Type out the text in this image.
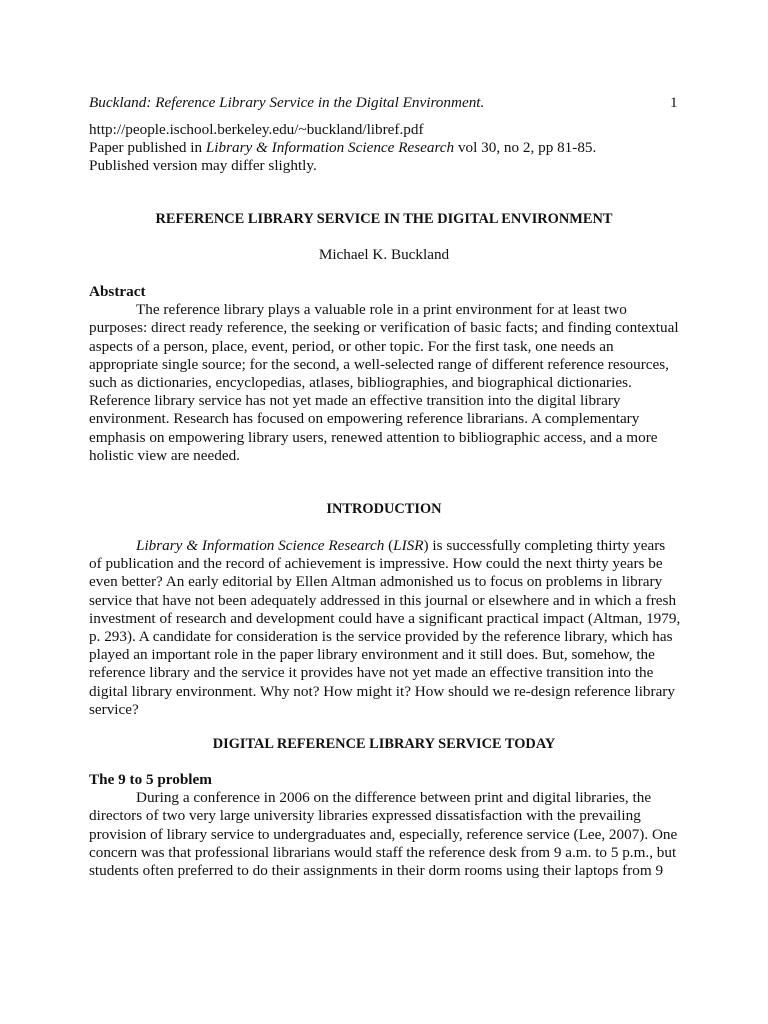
Buckland: Reference Library Service in the Digital Environment.	1

http://people.ischool.berkeley.edu/~buckland/libref.pdf
Paper published in Library & Information Science Research vol 30, no 2, pp 81-85.
Published version may differ slightly.

REFERENCE LIBRARY SERVICE IN THE DIGITAL ENVIRONMENT

Michael K. Buckland

Abstract

The reference library plays a valuable role in a print environment for at least two
purposes: direct ready reference, the seeking or verification of basic facts; and finding contextual
aspects of a person, place, event, period, or other topic. For the first task, one needs an
appropriate single source; for the second, a well-selected range of different reference resources,
such as dictionaries, encyclopedias, atlases, bibliographies, and biographical dictionaries.
Reference library service has not yet made an effective transition into the digital library
environment. Research has focused on empowering reference librarians. A complementary
emphasis on empowering library users, renewed attention to bibliographic access, and a more
holistic view are needed.

INTRODUCTION

Library & Information Science Research (LISR) is successfully completing thirty years
of publication and the record of achievement is impressive. How could the next thirty years be
even better? An early editorial by Ellen Altman admonished us to focus on problems in library
service that have not been adequately addressed in this journal or elsewhere and in which a fresh
investment of research and development could have a significant practical impact (Altman, 1979,
p. 293). A candidate for consideration is the service provided by the reference library, which has
played an important role in the paper library environment and it still does. But, somehow, the
reference library and the service it provides have not yet made an effective transition into the
digital library environment. Why not? How might it? How should we re-design reference library
service?

DIGITAL REFERENCE LIBRARY SERVICE TODAY

The 9 to 5 problem

During a conference in 2006 on the difference between print and digital libraries, the
directors of two very large university libraries expressed dissatisfaction with the prevailing
provision of library service to undergraduates and, especially, reference service (Lee, 2007). One
concern was that professional librarians would staff the reference desk from 9 a.m. to 5 p.m., but
students often preferred to do their assignments in their dorm rooms using their laptops from 9
